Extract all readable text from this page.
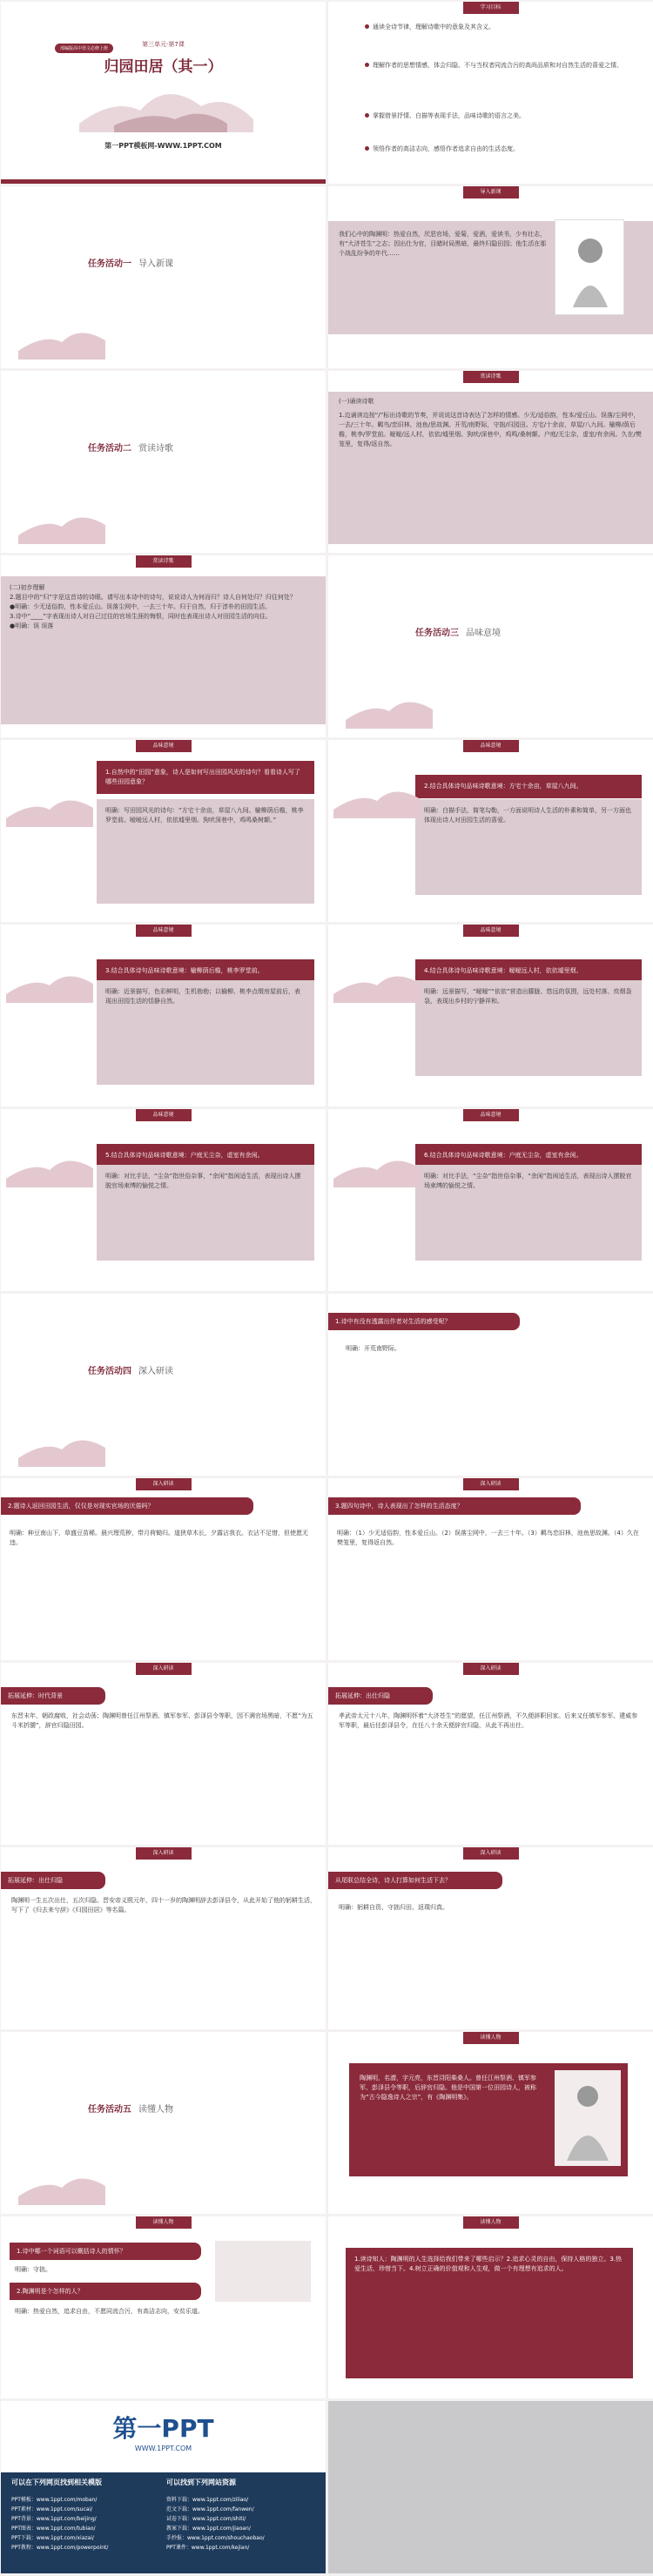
部编版高中语文必修上册
第三单元·第7课
归园田居（其一）
第一PPT模板网-WWW.1PPT.COM
学习目标
通读全诗节律，理解诗歌中的意象及其含义。
理解作者的思想情感，体会归隐、不与当权者同流合污的高尚品质和对自然生活的喜爱之情。
掌握借景抒情、白描等表现手法，品味诗歌的语言之美。
领悟作者的高洁志向，感悟作者追求自由的生活态度。
任务活动一 导入新课
导入新课
我们心中的陶渊明：热爱自然，厌恶官场，爱菊，爱酒，爱读书，少有壮志，有“大济苍生”之志；因出仕为官，目睹时局黑暗，最终归隐田园；他生活在那个战乱纷争的年代……
任务活动二 赏读诗歌
赏读诗歌
(一)诵读诗歌
1.边诵读边按“/”标出诗歌的节奏，并说说这首诗表达了怎样的情感。少无/适俗韵，性本/爱丘山。误落/尘网中，一去/三十年。羁鸟/恋旧林，池鱼/思故渊。开荒/南野际，守拙/归园田。方宅/十余亩，草屋/八九间。榆柳/荫后檐，桃李/罗堂前。暧暧/远人村，依依/墟里烟。狗吠/深巷中，鸡鸣/桑树颠。户庭/无尘杂，虚室/有余闲。久在/樊笼里，复得/返自然。
赏读诗歌
(二)初步理解
2.题目中的“归”字是这首诗的诗眼。请写出本诗中的诗句，说说诗人为何而归？诗人自何处归？归往何处？
●明确：少无适俗韵，性本爱丘山。误落尘网中，一去三十年。归于自然，归于淳朴的田园生活。
3.诗中“____”字表现出诗人对自己过往的官场生涯的悔恨，同时也表现出诗人对田园生活的向往。
●明确：误 误落
任务活动三 品味意境
品味意境
1.自然中的“田园”意象，诗人是如何写出田园风光的诗句？看看诗人写了哪些田园意象？
明确：写田园风光的诗句：“方宅十余亩，草屋八九间。榆柳荫后檐，桃李罗堂前。暧暧远人村，依依墟里烟。狗吠深巷中，鸡鸣桑树颠。”
品味意境
2.结合具体诗句品味诗歌意境：方宅十余亩，草屋八九间。
明确：白描手法，简笔勾勒，一方面说明诗人生活的朴素和简单，另一方面也体现出诗人对田园生活的喜爱。
品味意境
3.结合具体诗句品味诗歌意境：榆柳荫后檐，桃李罗堂前。
明确：近景描写，色彩鲜明，生机勃勃；以榆柳、桃李点缀房屋前后，表现出田园生活的恬静自然。
品味意境
4.结合具体诗句品味诗歌意境：暧暧远人村，依依墟里烟。
明确：远景描写，“暧暧”“依依”营造出朦胧、悠远的氛围，远处村落、炊烟袅袅，表现出乡村的宁静祥和。
品味意境
5.结合具体诗句品味诗歌意境：户庭无尘杂，虚室有余闲。
明确：对比手法，“尘杂”指世俗杂事，“余闲”指闲适生活，表现出诗人摆脱官场束缚的愉悦之情。
品味意境
6.结合具体诗句品味诗歌意境：户庭无尘杂，虚室有余闲。
明确：对比手法，“尘杂”指世俗杂事，“余闲”指闲适生活，表现出诗人摆脱官场束缚的愉悦之情。
任务活动四 深入研读
1.诗中有没有透露出作者对生活的感受呢？
明确：开荒南野际。
深入研读
2.题诗人返回田园生活，仅仅是对现实官场的厌倦吗？
明确：种豆南山下，草盛豆苗稀。晨兴理荒秽，带月荷锄归。道狭草木长，夕露沾我衣。衣沾不足惜，但使愿无违。
深入研读
3.题四句诗中，诗人表现出了怎样的生活态度？
明确：（1）少无适俗韵，性本爱丘山。（2）误落尘网中，一去三十年。（3）羁鸟恋旧林，池鱼思故渊。（4）久在樊笼里，复得返自然。
深入研读
拓展延伸：时代背景
东晋末年，朝政腐败，社会动荡；陶渊明曾任江州祭酒、镇军参军、彭泽县令等职，因不满官场黑暗，不愿“为五斗米折腰”，辞官归隐田园。
深入研读
拓展延伸：出仕归隐
孝武帝太元十八年，陶渊明怀着“大济苍生”的愿望，任江州祭酒，不久便辞职回家。后来又任镇军参军、建威参军等职，最后任彭泽县令，在任八十余天便辞官归隐，从此不再出仕。
深入研读
拓展延伸：出仕归隐
陶渊明一生五次出仕，五次归隐。晋安帝义熙元年，四十一岁的陶渊明辞去彭泽县令，从此开始了他的躬耕生活，写下了《归去来兮辞》《归园田居》等名篇。
深入研读
从尾联总结全诗，诗人打算如何生活下去？
明确：躬耕自资、守拙归田、返璞归真。
任务活动五 读懂人物
读懂人物
陶渊明，名潜，字元亮，东晋浔阳柴桑人。曾任江州祭酒、镇军参军、彭泽县令等职，后辞官归隐。他是中国第一位田园诗人，被称为“古今隐逸诗人之宗”，有《陶渊明集》。
读懂人物
1.诗中哪一个词语可以概括诗人的情怀？
明确：守拙。
2.陶渊明是个怎样的人？
明确：热爱自然，追求自由，不愿同流合污，有高洁志向，安贫乐道。
读懂人物
1.读诗知人：陶渊明的人生选择给我们带来了哪些启示？2.追求心灵的自由，保持人格的独立。3.热爱生活，珍惜当下。4.树立正确的价值观和人生观，做一个有理想有追求的人。
第一PPT
WWW.1PPT.COM
可以在下列网页找到相关模版	可以找到下列网站资源
PPT模板：www.1ppt.com/moban/
PPT素材：www.1ppt.com/sucai/
PPT背景：www.1ppt.com/beijing/
PPT图表：www.1ppt.com/tubiao/
PPT下载：www.1ppt.com/xiazai/
PPT教程：www.1ppt.com/powerpoint/
资料下载：www.1ppt.com/ziliao/
范文下载：www.1ppt.com/fanwen/
试卷下载：www.1ppt.com/shiti/
教案下载：www.1ppt.com/jiaoan/
手抄报：www.1ppt.com/shouchaobao/
PPT课件：www.1ppt.com/kejian/
